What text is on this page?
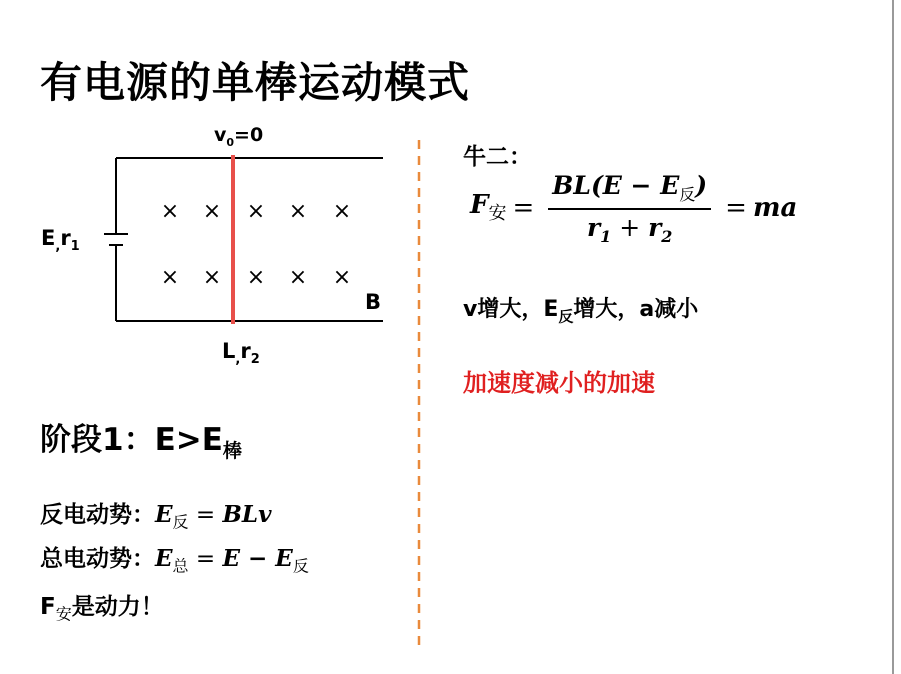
有电源的单棒运动模式
× × × × ×
× × × × ×
$v_0=0$
$E_,r_1$
B
$L_,r_2$
阶段1：$E>E_棒$
反电动势：$E_反$ = BLv
总电动势：$E_总 = E - E_反$
$F_安$是动力！
牛二：
$F_安 = \frac{BL(E - E_反)}{r_1 + r_2}$ = ma
v增大，$E_反$增大，a减小
加速度减小的加速
